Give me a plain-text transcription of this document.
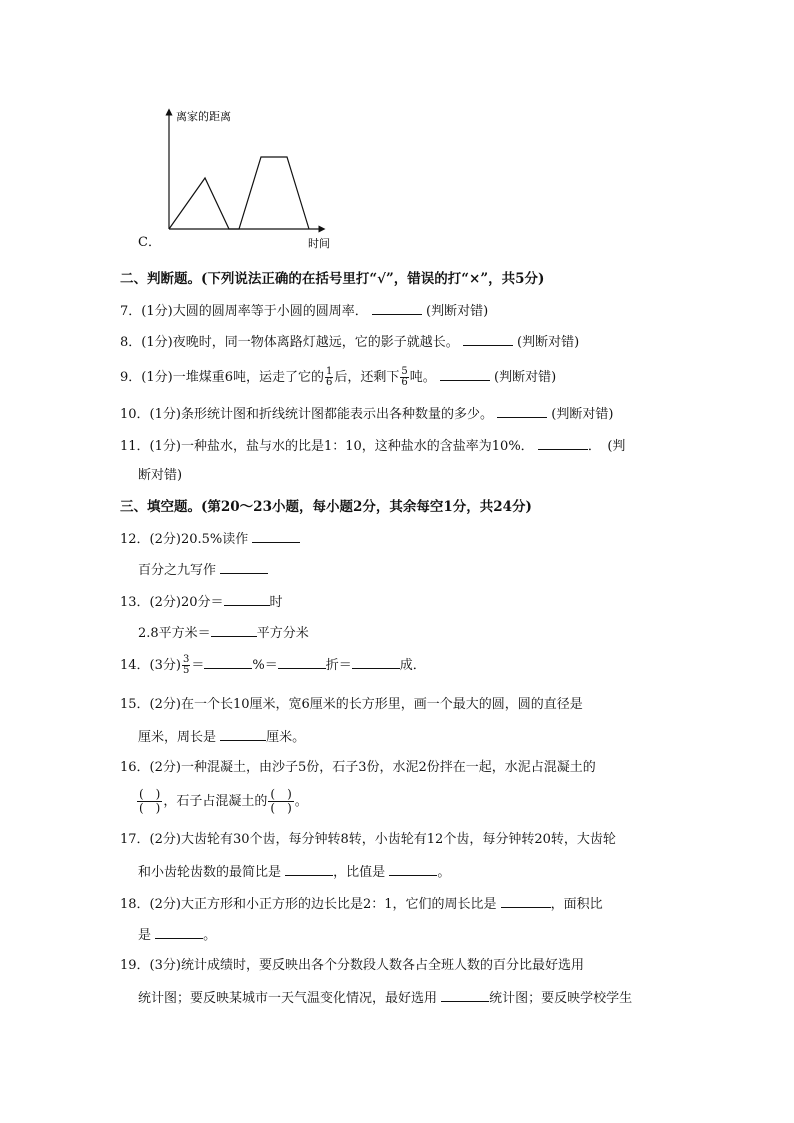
离家的距离
时间
C．
二、判断题。(下列说法正确的在括号里打“√”，错误的打“×”，共5分)
7．(1分)大圆的圆周率等于小圆的圆周率．	(判断对错)
8．(1分)夜晚时，同一物体离路灯越远，它的影子就越长。	(判断对错)
9．(1分)一堆煤重6吨，运走了它的 $\frac{1}{6}$ 后，还剩下 $\frac{5}{6}$ 吨。	(判断对错)
10．(1分)条形统计图和折线统计图都能表示出各种数量的多少。	(判断对错)
11．(1分)一种盐水，盐与水的比是1：10，这种盐水的含盐率为10%．	．　(判
断对错)
三、填空题。(第20～23小题，每小题2分，其余每空1分，共24分)
12．(2分)20.5%读作
百分之九写作
13．(2分)20分＝	时
2.8平方米＝	平方分米
14．(3分) $\frac{3}{5}$ ＝	%＝	折＝	成．
15．(2分)在一个长10厘米，宽6厘米的长方形里，画一个最大的圆，圆的直径是
厘米，周长是	厘米。
16．(2分)一种混凝土，由沙子5份，石子3份，水泥2份拌在一起，水泥占混凝土的
(　)
(　) ，石子占混凝土的 (　)
(　) 。
17．(2分)大齿轮有30个齿，每分钟转8转，小齿轮有12个齿，每分钟转20转，大齿轮
和小齿轮齿数的最简比是	，比值是	。
18．(2分)大正方形和小正方形的边长比是2：1，它们的周长比是	，面积比
是	。
19．(3分)统计成绩时，要反映出各个分数段人数各占全班人数的百分比最好选用
统计图；要反映某城市一天气温变化情况，最好选用	统计图；要反映学校学生
